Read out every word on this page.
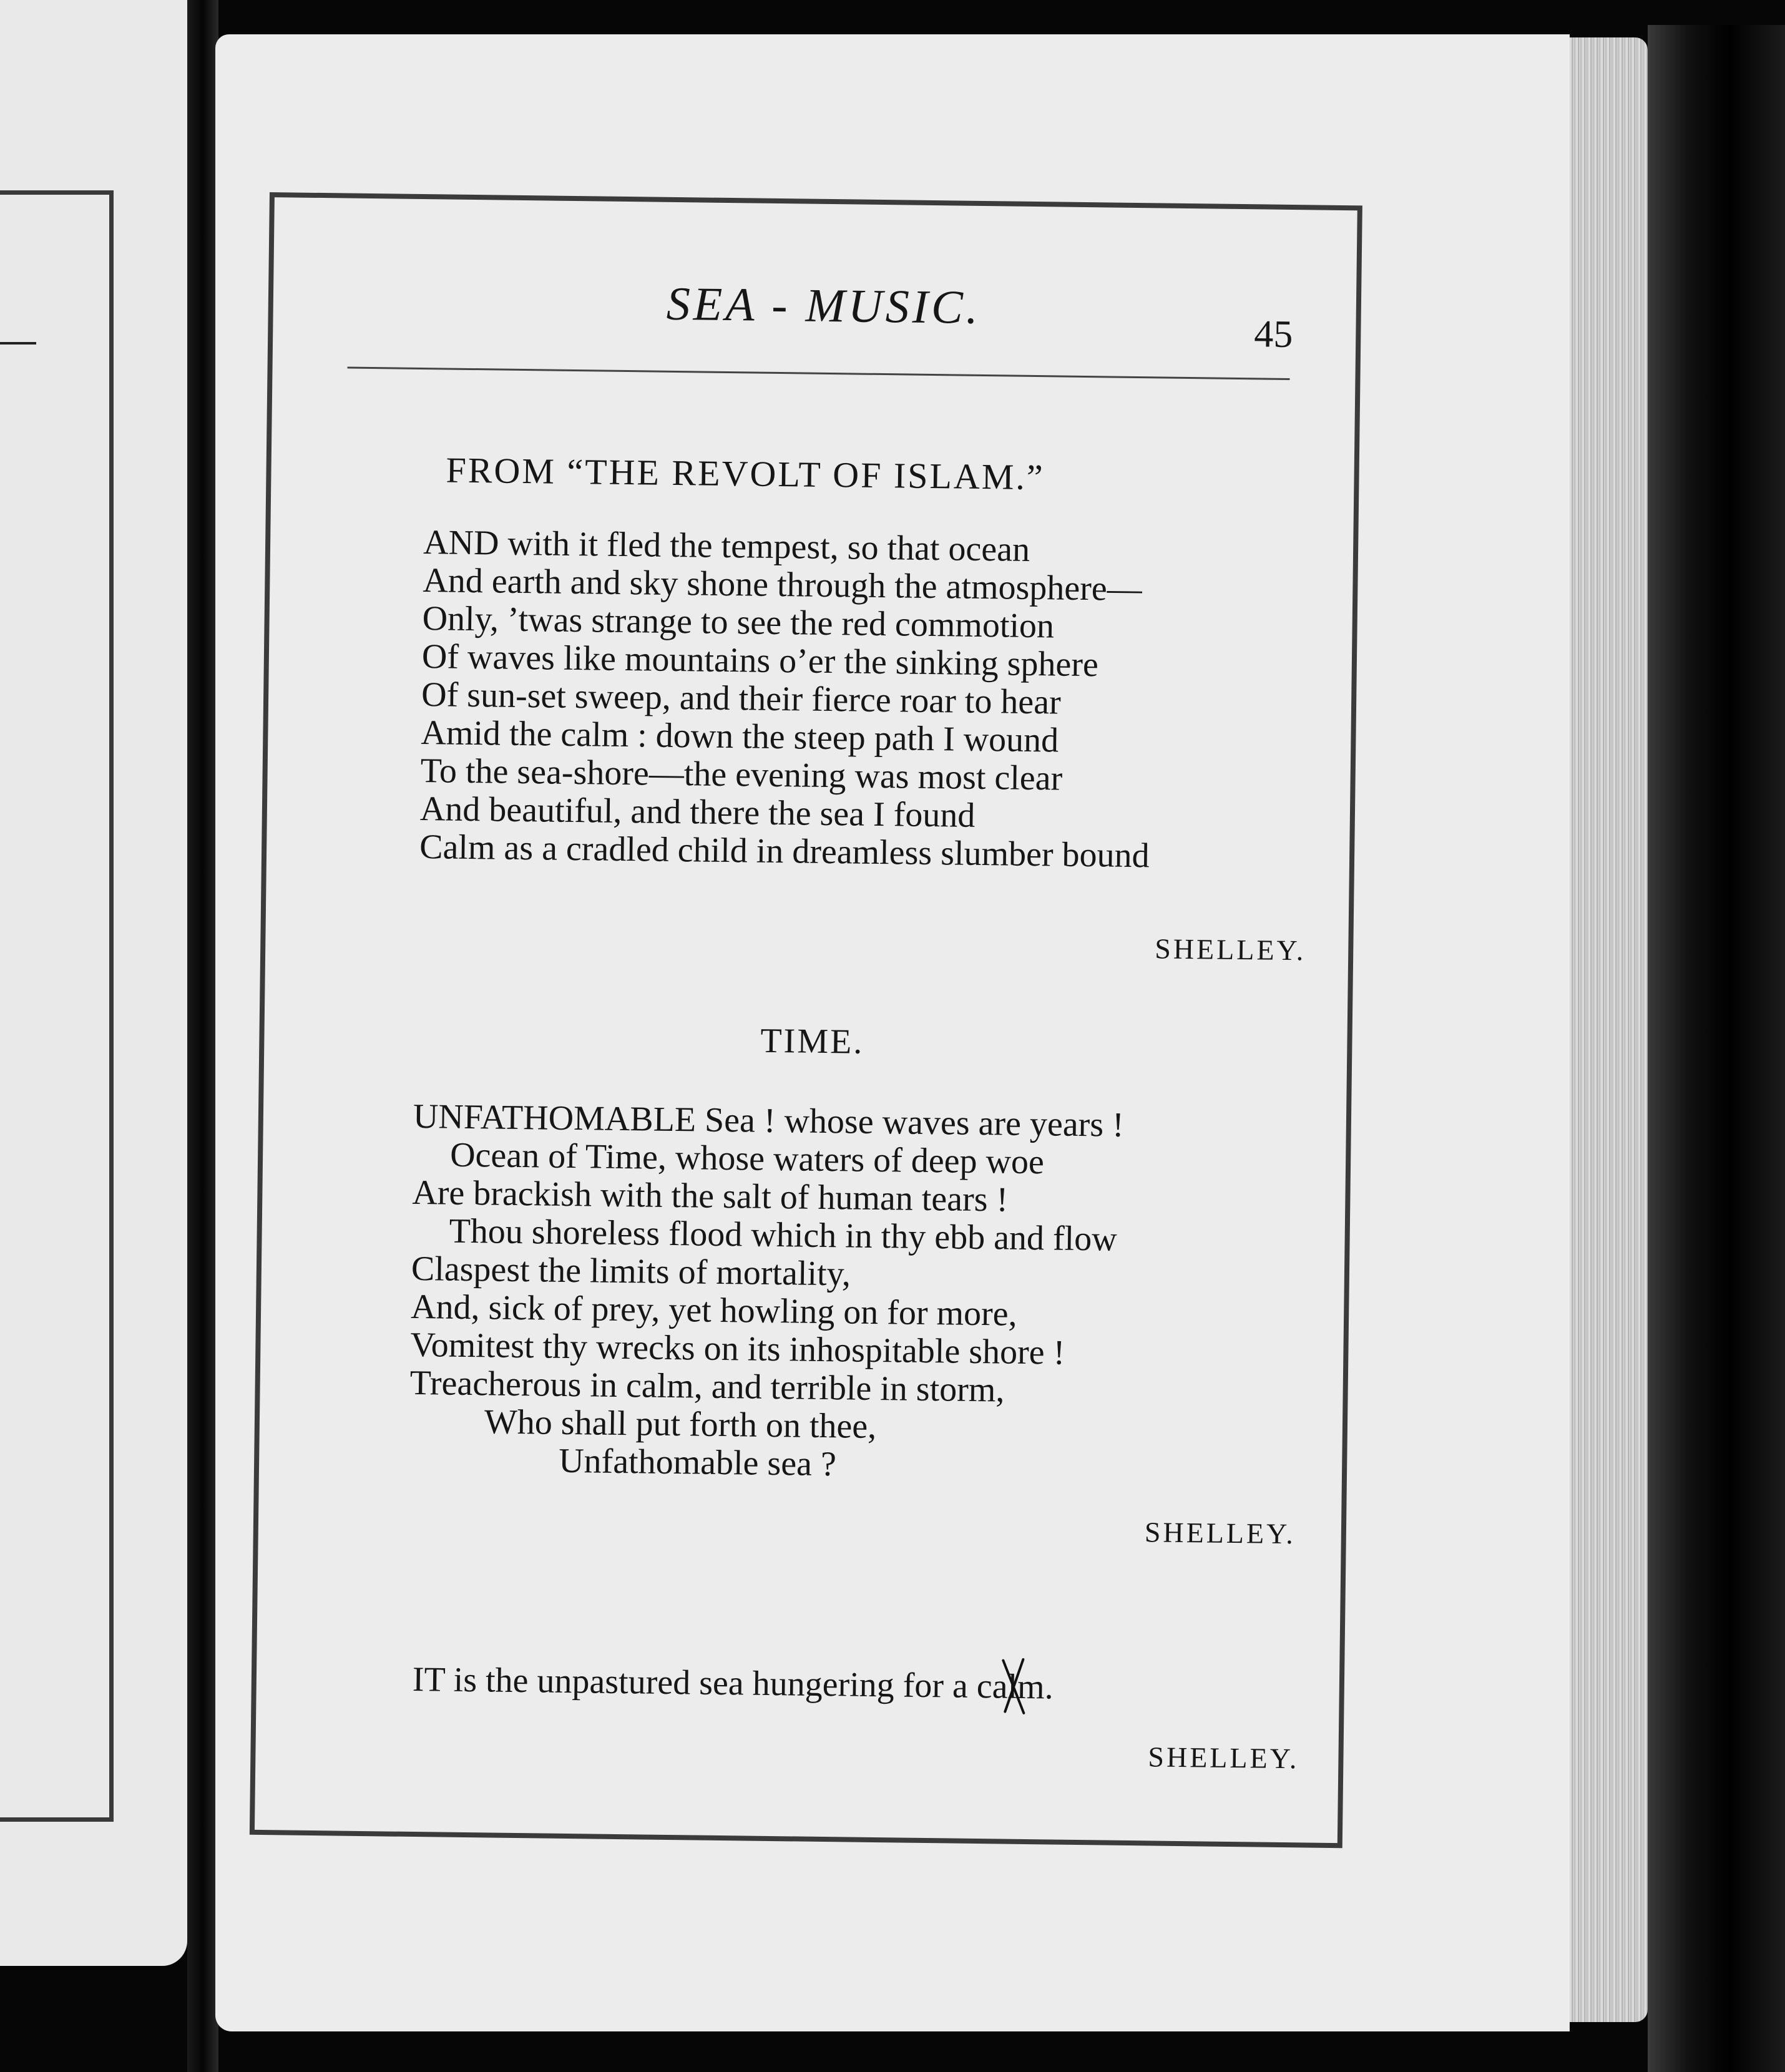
SEA - MUSIC.

45

FROM “THE REVOLT OF ISLAM.”

AND with it fled the tempest, so that ocean
And earth and sky shone through the atmosphere—
Only, ’twas strange to see the red commotion
Of waves like mountains o’er the sinking sphere
Of sun-set sweep, and their fierce roar to hear
Amid the calm : down the steep path I wound
To the sea-shore—the evening was most clear
And beautiful, and there the sea I found
Calm as a cradled child in dreamless slumber bound

SHELLEY.

TIME.

UNFATHOMABLE Sea ! whose waves are years !
Ocean of Time, whose waters of deep woe
Are brackish with the salt of human tears !
Thou shoreless flood which in thy ebb and flow
Claspest the limits of mortality,
And, sick of prey, yet howling on for more,
Vomitest thy wrecks on its inhospitable shore !
Treacherous in calm, and terrible in storm,
Who shall put forth on thee,
Unfathomable sea ?

SHELLEY.

IT is the unpastured sea hungering for a calm.

SHELLEY.
